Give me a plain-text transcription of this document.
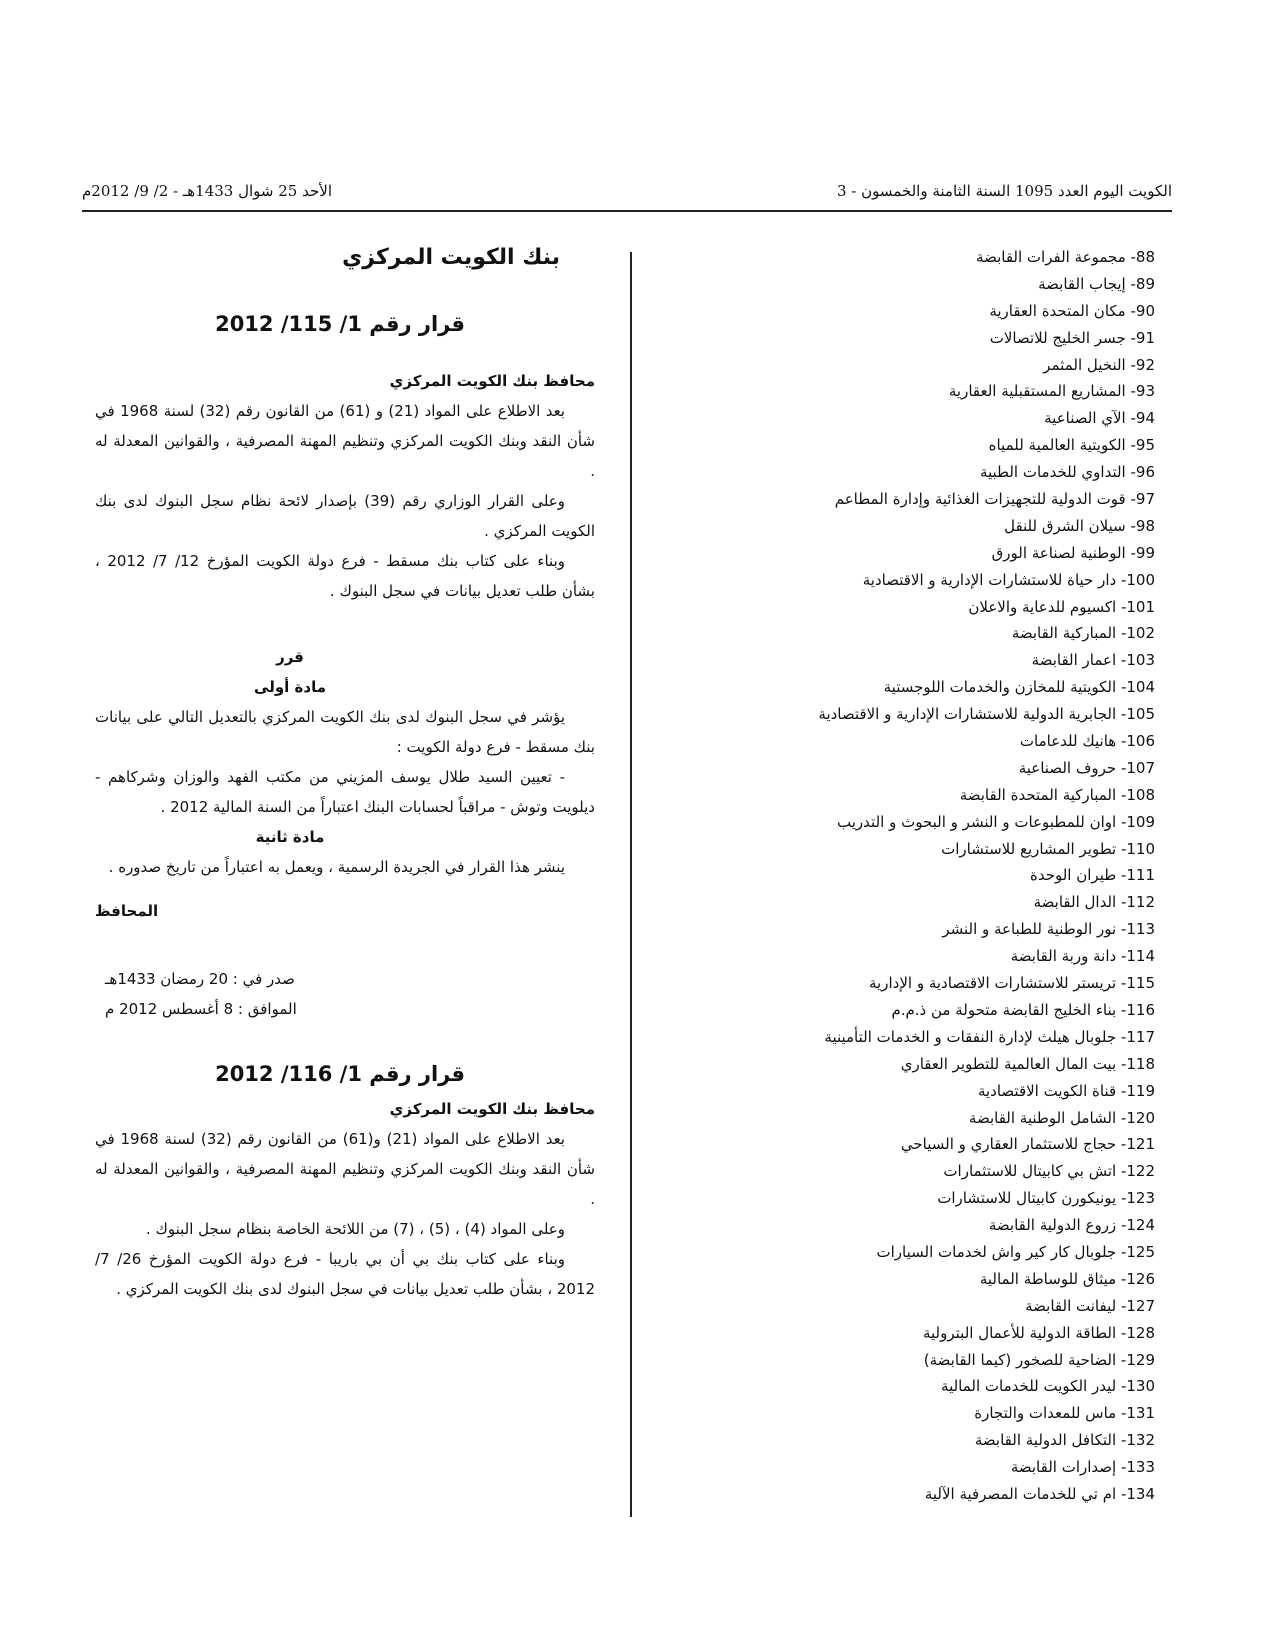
الكويت اليوم العدد 1095 السنة الثامنة والخمسون - 3
الأحد 25 شوال 1433هـ - 2/ 9/ 2012م
88- مجموعة الفرات القابضة
89- إيجاب القابضة
90- مكان المتحدة العقارية
91- جسر الخليج للاتصالات
92- النخيل المثمر
93- المشاريع المستقبلية العقارية
94- الآي الصناعية
95- الكويتية العالمية للمياه
96- التداوي للخدمات الطبية
97- قوت الدولية للتجهيزات الغذائية وإدارة المطاعم
98- سيلان الشرق للنقل
99- الوطنية لصناعة الورق
100- دار حياة للاستشارات الإدارية و الاقتصادية
101- اكسيوم للدعاية والاعلان
102- المباركية القابضة
103- اعمار القابضة
104- الكويتية للمخازن والخدمات اللوجستية
105- الجابرية الدولية للاستشارات الإدارية و الاقتصادية
106- هانيك للدعامات
107- حروف الصناعية
108- المباركية المتحدة القابضة
109- اوان للمطبوعات و النشر و البحوث و التدريب
110- تطوير المشاريع للاستشارات
111- طيران الوحدة
112- الدال القابضة
113- نور الوطنية للطباعة و النشر
114- دانة وربة القابضة
115- تريستر للاستشارات الاقتصادية و الإدارية
116- بناء الخليج القابضة متحولة من ذ.م.م
117- جلوبال هيلث لإدارة النفقات و الخدمات التأمينية
118- بيت المال العالمية للتطوير العقاري
119- قناة الكويت الاقتصادية
120- الشامل الوطنية القابضة
121- حجاج للاستثمار العقاري و السياحي
122- اتش بي كابيتال للاستثمارات
123- يونيكورن كابيتال للاستشارات
124- زروع الدولية القابضة
125- جلوبال كار كير واش لخدمات السيارات
126- ميثاق للوساطة المالية
127- ليفانت القابضة
128- الطاقة الدولية للأعمال البترولية
129- الضاحية للصخور (كيما القابضة)
130- ليدر الكويت للخدمات المالية
131- ماس للمعدات والتجارة
132- التكافل الدولية القابضة
133- إصدارات القابضة
134- ام تي للخدمات المصرفية الآلية
بنك الكويت المركزي
قرار رقم 1/ 115/ 2012
محافظ بنك الكويت المركزي
بعد الاطلاع على المواد (21) و (61) من القانون رقم (32) لسنة 1968 في شأن النقد وبنك الكويت المركزي وتنظيم المهنة المصرفية ، والقوانين المعدلة له .
وعلى القرار الوزاري رقم (39) بإصدار لائحة نظام سجل البنوك لدى بنك الكويت المركزي .
وبناء على كتاب بنك مسقط - فرع دولة الكويت المؤرخ 12/ 7/ 2012 ، بشأن طلب تعديل بيانات في سجل البنوك .
قرر
مادة أولى
يؤشر في سجل البنوك لدى بنك الكويت المركزي بالتعديل التالي على بيانات بنك مسقط - فرع دولة الكويت :
- تعيين السيد طلال يوسف المزيني من مكتب الفهد والوزان وشركاهم - ديلويت وتوش - مراقباً لحسابات البنك اعتباراً من السنة المالية 2012 .
مادة ثانية
ينشر هذا القرار في الجريدة الرسمية ، ويعمل به اعتباراً من تاريخ صدوره .
المحافظ
صدر في : 20 رمضان 1433هـ
الموافق : 8 أغسطس 2012 م
قرار رقم 1/ 116/ 2012
محافظ بنك الكويت المركزي
بعد الاطلاع على المواد (21) و(61) من القانون رقم (32) لسنة 1968 في شأن النقد وبنك الكويت المركزي وتنظيم المهنة المصرفية ، والقوانين المعدلة له .
وعلى المواد (4) ، (5) ، (7) من اللائحة الخاصة بنظام سجل البنوك .
وبناء على كتاب بنك بي أن بي باريبا - فرع دولة الكويت المؤرخ 26/ 7/ 2012 ، بشأن طلب تعديل بيانات في سجل البنوك لدى بنك الكويت المركزي .
